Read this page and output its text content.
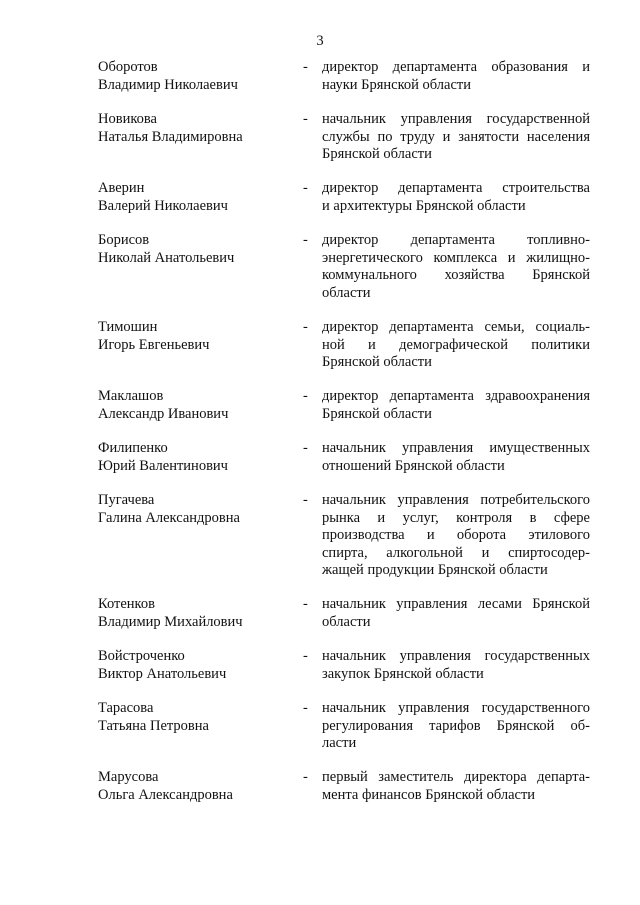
3
Оборотов
Владимир Николаевич
- директор департамента образования и
науки Брянской области
Новикова
Наталья Владимировна
- начальник управления государственной
службы по труду и занятости населения
Брянской области
Аверин
Валерий Николаевич
- директор департамента строительства
и архитектуры Брянской области
Борисов
Николай Анатольевич
- директор департамента топливно-
энергетического комплекса и жилищно-
коммунального хозяйства Брянской
области
Тимошин
Игорь Евгеньевич
- директор департамента семьи, социаль-
ной и демографической политики
Брянской области
Маклашов
Александр Иванович
- директор департамента здравоохранения
Брянской области
Филипенко
Юрий Валентинович
- начальник управления имущественных
отношений Брянской области
Пугачева
Галина Александровна
- начальник управления потребительского
рынка и услуг, контроля в сфере
производства и оборота этилового
спирта, алкогольной и спиртосодер-
жащей продукции Брянской области
Котенков
Владимир Михайлович
- начальник управления лесами Брянской
области
Войстроченко
Виктор Анатольевич
- начальник управления государственных
закупок Брянской области
Тарасова
Татьяна Петровна
- начальник управления государственного
регулирования тарифов Брянской об-
ласти
Марусова
Ольга Александровна
- первый заместитель директора департа-
мента финансов Брянской области
